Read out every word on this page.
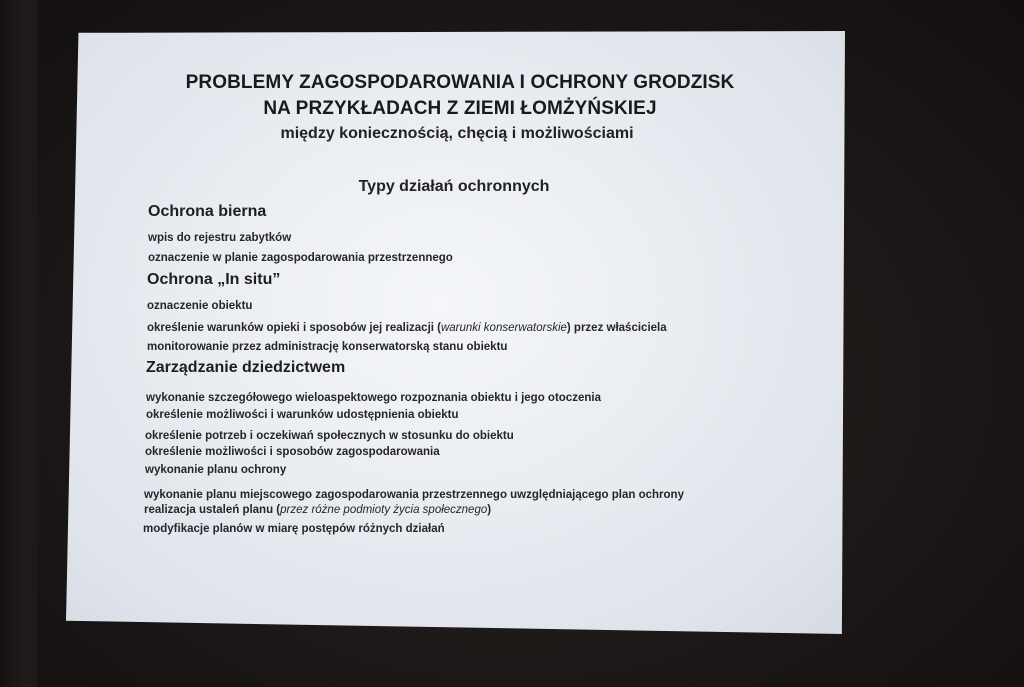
PROBLEMY ZAGOSPODAROWANIA I OCHRONY GRODZISK
NA PRZYKŁADACH Z ZIEMI ŁOMŻYŃSKIEJ
między koniecznością, chęcią i możliwościami
Typy działań ochronnych
Ochrona bierna
wpis do rejestru zabytków
oznaczenie w planie zagospodarowania przestrzennego
Ochrona „In situ”
oznaczenie obiektu
określenie warunków opieki i sposobów jej realizacji (warunki konserwatorskie) przez właściciela
monitorowanie przez administrację konserwatorską stanu obiektu
Zarządzanie dziedzictwem
wykonanie szczegółowego wieloaspektowego rozpoznania obiektu i jego otoczenia
określenie możliwości i warunków udostępnienia obiektu
określenie potrzeb i oczekiwań społecznych w stosunku do obiektu
określenie możliwości i sposobów zagospodarowania
wykonanie planu ochrony
wykonanie planu miejscowego zagospodarowania przestrzennego uwzględniającego plan ochrony
realizacja ustaleń planu (przez różne podmioty życia społecznego)
modyfikacje planów w miarę postępów różnych działań
